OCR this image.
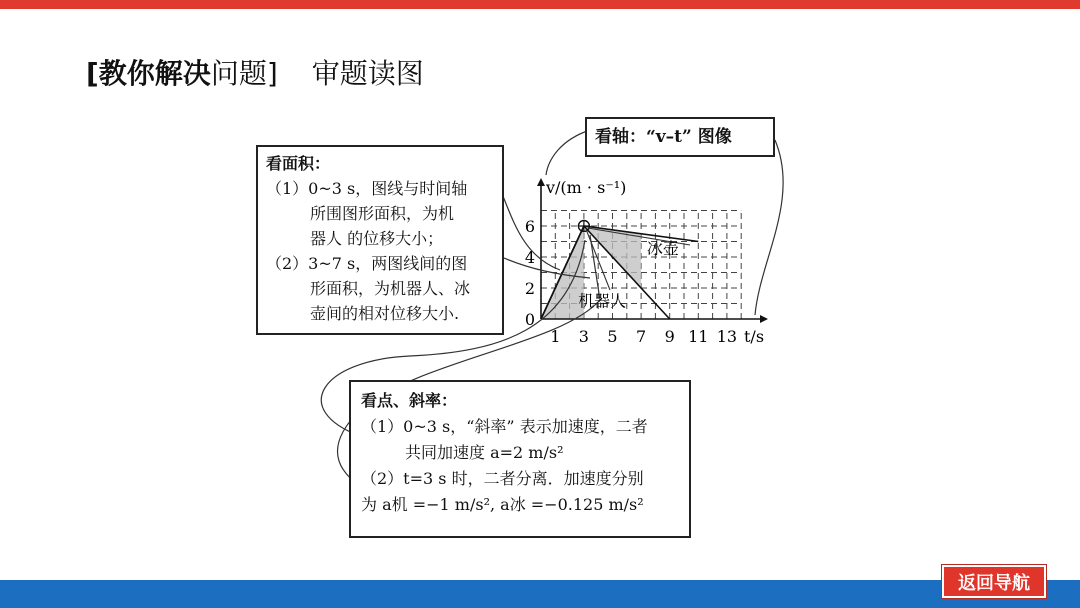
[教你解决问题] 审题读图
1 3 5 7 9 11 13
0
2
4
6
v/(m · s⁻¹)
t/s
冰壶
机器人
看面积：
（1）0~3 s，图线与时间轴
所围图形面积，为机
器人 的位移大小；
（2）3~7 s，两图线间的图
形面积，为机器人、冰
壶间的相对位移大小.
看轴：“v–t” 图像
看点、斜率：
（1）0~3 s，“斜率” 表示加速度，二者
共同加速度 a=2 m/s²
（2）t=3 s 时，二者分离．加速度分别
为 a机 =−1 m/s², a冰 =−0.125 m/s²
返回导航
